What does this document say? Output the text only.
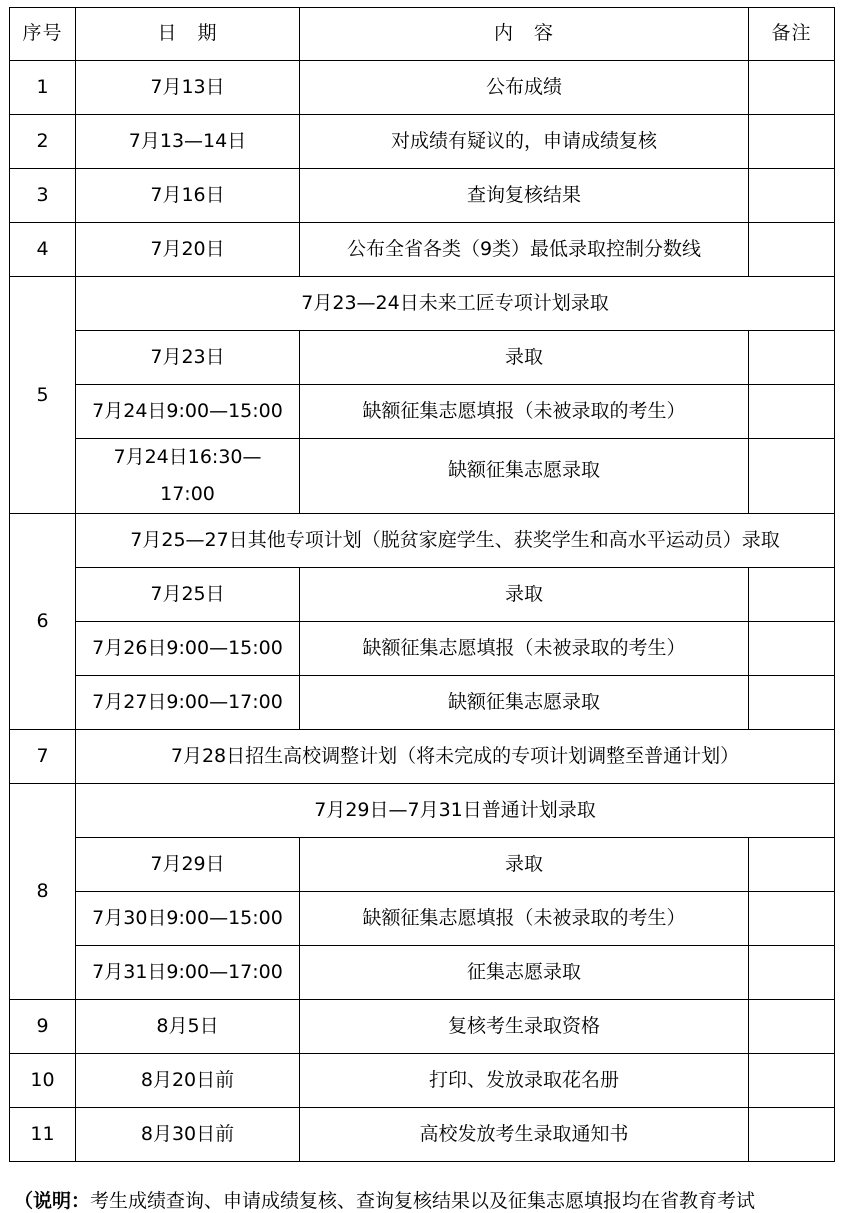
序号	日　期	内　容	备注
1	7月13日	公布成绩	
2	7月13—14日	对成绩有疑议的，申请成绩复核	
3	7月16日	查询复核结果	
4	7月20日	公布全省各类（9类）最低录取控制分数线	
5	7月23—24日未来工匠专项计划录取		
	7月23日	录取	
	7月24日9:00—15:00	缺额征集志愿填报（未被录取的考生）	
	7月24日16:30—
17:00	缺额征集志愿录取	
6	7月25—27日其他专项计划（脱贫家庭学生、获奖学生和高水平运动员）录取		
	7月25日	录取	
	7月26日9:00—15:00	缺额征集志愿填报（未被录取的考生）	
	7月27日9:00—17:00	缺额征集志愿录取	
7	7月28日招生高校调整计划（将未完成的专项计划调整至普通计划）		
8	7月29日—7月31日普通计划录取		
	7月29日	录取	
	7月30日9:00—15:00	缺额征集志愿填报（未被录取的考生）	
	7月31日9:00—17:00	征集志愿录取	
9	8月5日	复核考生录取资格	
10	8月20日前	打印、发放录取花名册	
11	8月30日前	高校发放考生录取通知书	
（说明：考生成绩查询、申请成绩复核、查询复核结果以及征集志愿填报均在省教育考试
